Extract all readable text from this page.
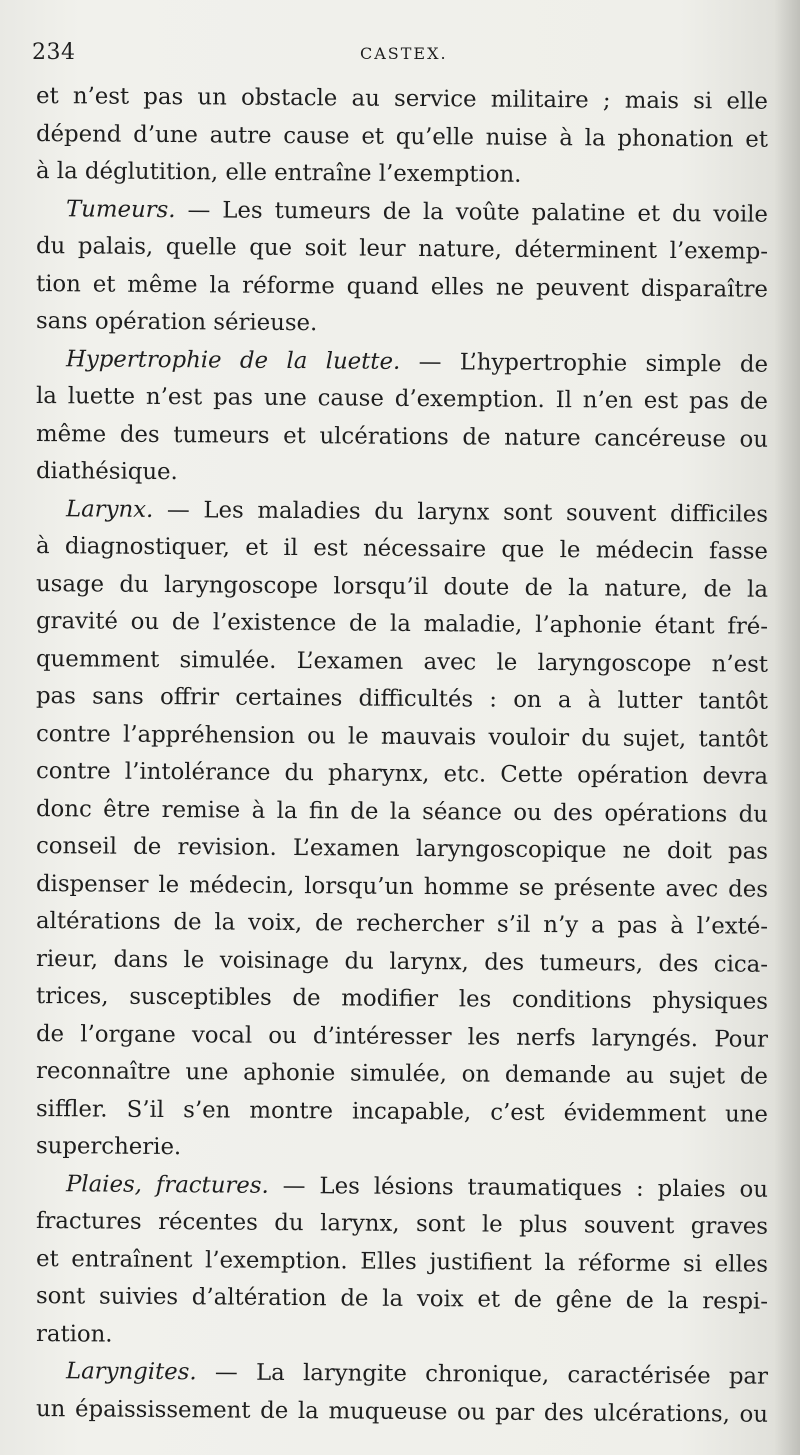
234	CASTEX.
et n’est pas un obstacle au service militaire ; mais si elle
dépend d’une autre cause et qu’elle nuise à la phonation et
à la déglutition, elle entraîne l’exemption.
Tumeurs. — Les tumeurs de la voûte palatine et du voile
du palais, quelle que soit leur nature, déterminent l’exemp-
tion et même la réforme quand elles ne peuvent disparaître
sans opération sérieuse.
Hypertrophie de la luette. — L’hypertrophie simple de
la luette n’est pas une cause d’exemption. Il n’en est pas de
même des tumeurs et ulcérations de nature cancéreuse ou
diathésique.
Larynx. — Les maladies du larynx sont souvent difficiles
à diagnostiquer, et il est nécessaire que le médecin fasse
usage du laryngoscope lorsqu’il doute de la nature, de la
gravité ou de l’existence de la maladie, l’aphonie étant fré-
quemment simulée. L’examen avec le laryngoscope n’est
pas sans offrir certaines difficultés : on a à lutter tantôt
contre l’appréhension ou le mauvais vouloir du sujet, tantôt
contre l’intolérance du pharynx, etc. Cette opération devra
donc être remise à la fin de la séance ou des opérations du
conseil de revision. L’examen laryngoscopique ne doit pas
dispenser le médecin, lorsqu’un homme se présente avec des
altérations de la voix, de rechercher s’il n’y a pas à l’exté-
rieur, dans le voisinage du larynx, des tumeurs, des cica-
trices, susceptibles de modifier les conditions physiques
de l’organe vocal ou d’intéresser les nerfs laryngés. Pour
reconnaître une aphonie simulée, on demande au sujet de
siffler. S’il s’en montre incapable, c’est évidemment une
supercherie.
Plaies, fractures. — Les lésions traumatiques : plaies ou
fractures récentes du larynx, sont le plus souvent graves
et entraînent l’exemption. Elles justifient la réforme si elles
sont suivies d’altération de la voix et de gêne de la respi-
ration.
Laryngites. — La laryngite chronique, caractérisée par
un épaississement de la muqueuse ou par des ulcérations, ou
